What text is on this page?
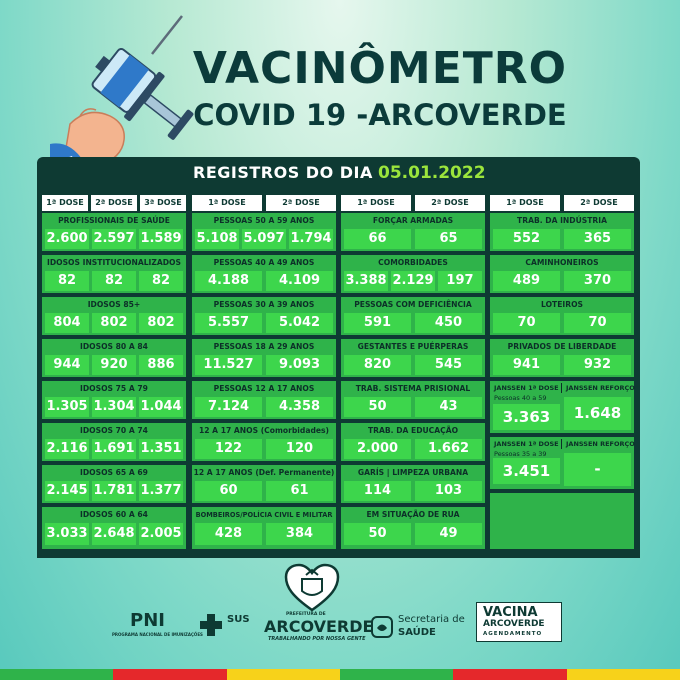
VACINÔMETRO
COVID 19 -ARCOVERDE
REGISTROS DO DIA 05.01.2022
1ª DOSE	2ª DOSE	3ª DOSE
PROFISSIONAIS DE SAÚDE
2.600 2.597 1.589
IDOSOS INSTITUCIONALIZADOS
82	82	82
IDOSOS 85+
804	802	802
IDOSOS 80 A 84
944	920	886
IDOSOS 75 A 79
1.305 1.304 1.044
IDOSOS 70 A 74
2.116 1.691 1.351
IDOSOS 65 A 69
2.145 1.781 1.377
IDOSOS 60 A 64
3.033 2.648 2.005
1ª DOSE	2ª DOSE
PESSOAS 50 A 59 ANOS
5.108 5.097 1.794
PESSOAS 40 A 49 ANOS
4.188	4.109
PESSOAS 30 A 39 ANOS
5.557	5.042
PESSOAS 18 A 29 ANOS
11.527	9.093
PESSOAS 12 A 17 ANOS
7.124	4.358
12 A 17 ANOS (Comorbidades)
122	120
12 A 17 ANOS (Def. Permanente)
60	61
BOMBEIROS/POLÍCIA CIVIL E MILITAR
428	384
1ª DOSE	2ª DOSE
FORÇAR ARMADAS
66	65
COMORBIDADES
3.388 2.129 197
PESSOAS COM DEFICIÊNCIA
591	450
GESTANTES E PUÉRPERAS
820	545
TRAB. SISTEMA PRISIONAL
50	43
TRAB. DA EDUCAÇÃO
2.000	1.662
GARÍS | LIMPEZA URBANA
114	103
EM SITUAÇÃO DE RUA
50	49
1ª DOSE	2ª DOSE
TRAB. DA INDÚSTRIA
552	365
CAMINHONEIROS
489	370
LOTEIROS
70	70
PRIVADOS DE LIBERDADE
941	932
JANSSEN 1ª DOSE JANSSEN REFORÇO
Pessoas 40 a 59
3.363	1.648
JANSSEN 1ª DOSE JANSSEN REFORÇO
Pessoas 35 a 39
3.451	-
PNI
PROGRAMA NACIONAL DE IMUNIZAÇÕES
SUS	PREFEITURA DE
ARCOVERDE
TRABALHANDO POR NOSSA GENTE
Secretaria de
SAÚDE
VACINA
ARCOVERDE
AGENDAMENTO
